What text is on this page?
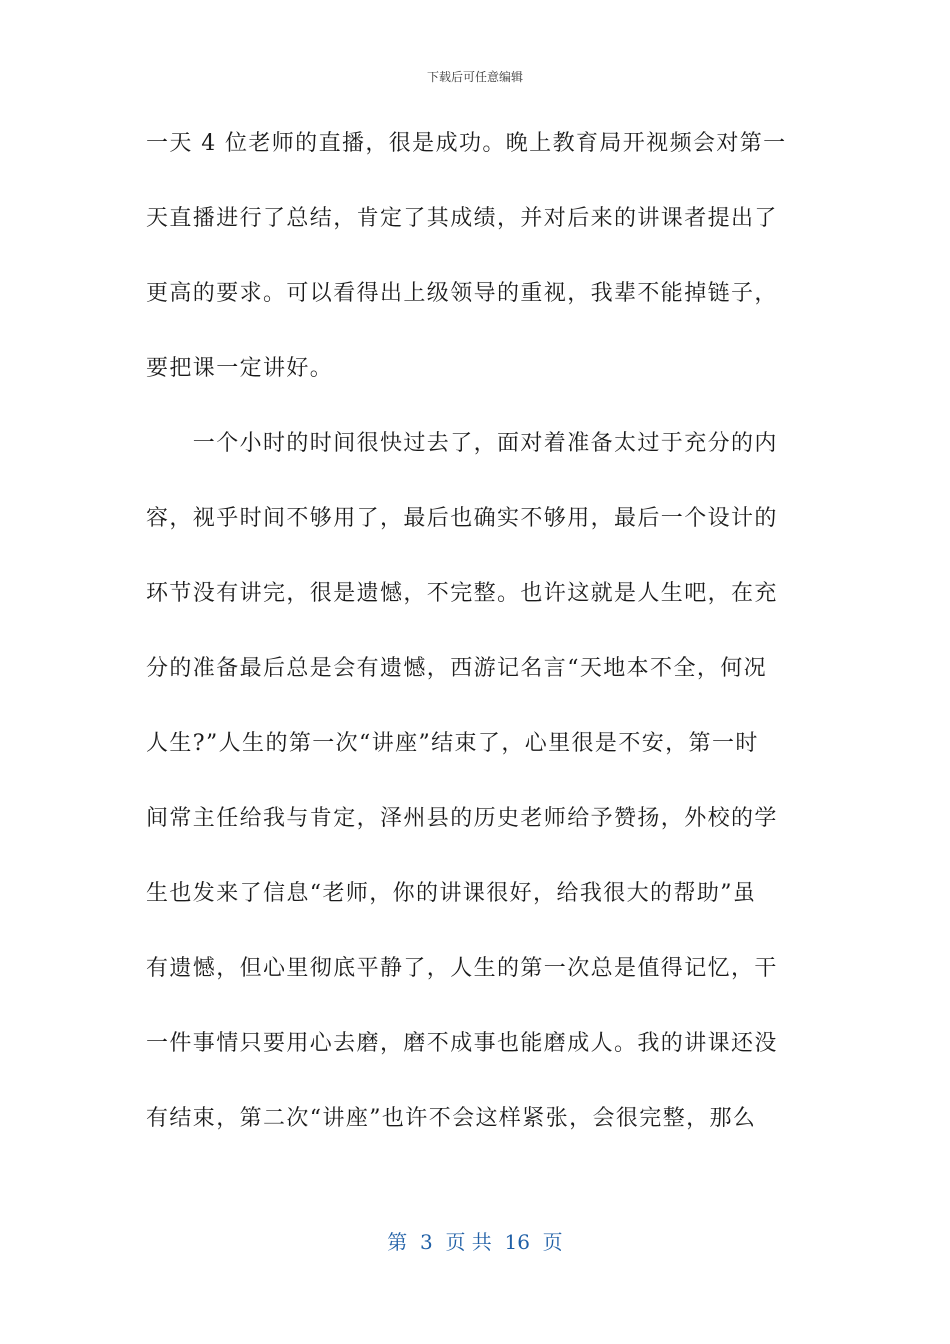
下载后可任意编辑
一天 4 位老师的直播，很是成功。晚上教育局开视频会对第一
天直播进行了总结，肯定了其成绩，并对后来的讲课者提出了
更高的要求。可以看得出上级领导的重视，我辈不能掉链子，
要把课一定讲好。
　　一个小时的时间很快过去了，面对着准备太过于充分的内
容，视乎时间不够用了，最后也确实不够用，最后一个设计的
环节没有讲完，很是遗憾，不完整。也许这就是人生吧，在充
分的准备最后总是会有遗憾，西游记名言“天地本不全，何况
人生?”人生的第一次“讲座”结束了，心里很是不安，第一时
间常主任给我与肯定，泽州县的历史老师给予赞扬，外校的学
生也发来了信息“老师，你的讲课很好，给我很大的帮助”虽
有遗憾，但心里彻底平静了，人生的第一次总是值得记忆，干
一件事情只要用心去磨，磨不成事也能磨成人。我的讲课还没
有结束，第二次“讲座”也许不会这样紧张，会很完整，那么
第  3  页 共  16  页
